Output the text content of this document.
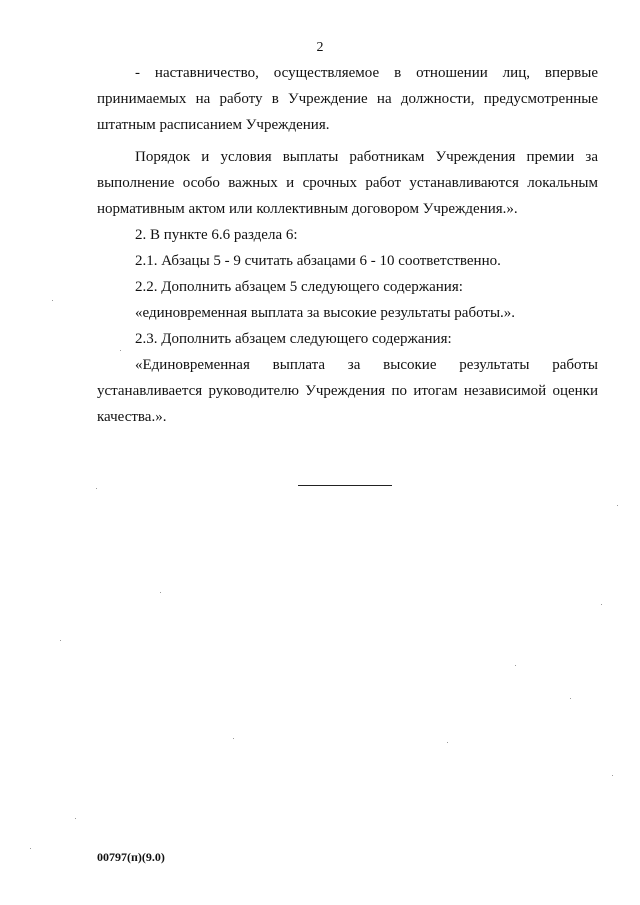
2

- наставничество, осуществляемое в отношении лиц, впервые принимаемых на работу в Учреждение на должности, предусмотренные штатным расписанием Учреждения.

Порядок и условия выплаты работникам Учреждения премии за выполнение особо важных и срочных работ устанавливаются локальным нормативным актом или коллективным договором Учреждения.».

2. В пункте 6.6 раздела 6:

2.1. Абзацы 5 - 9 считать абзацами 6 - 10 соответственно.

2.2. Дополнить абзацем 5 следующего содержания:

«единовременная выплата за высокие результаты работы.».

2.3. Дополнить абзацем следующего содержания:

«Единовременная выплата за высокие результаты работы устанавливается руководителю Учреждения по итогам независимой оценки качества.».

00797(п)(9.0)
